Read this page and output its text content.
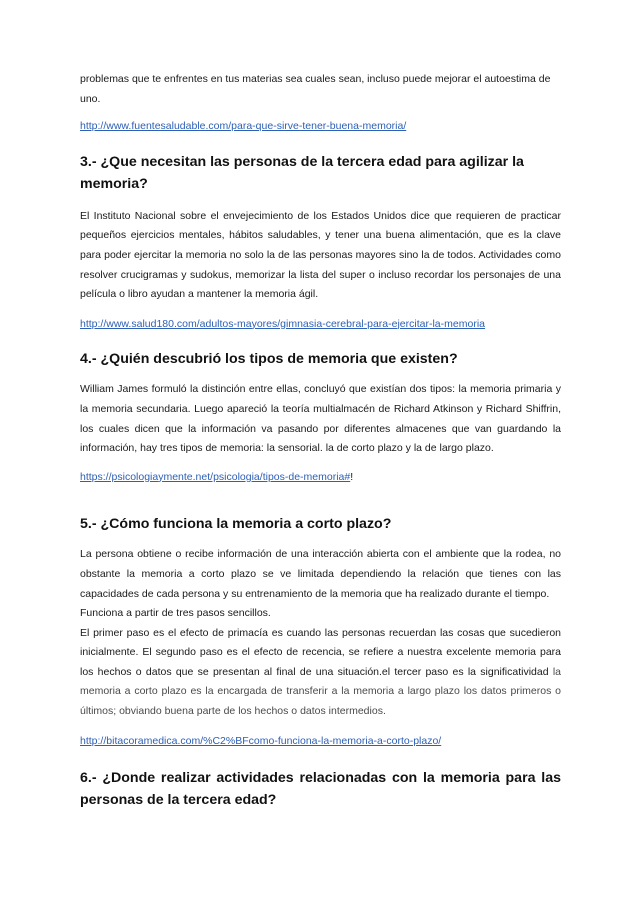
problemas que te enfrentes en tus materias sea cuales sean, incluso puede mejorar el autoestima de uno.

http://www.fuentesaludable.com/para-que-sirve-tener-buena-memoria/
3.- ¿Que necesitan las personas de la tercera edad para agilizar la memoria?

El Instituto Nacional sobre el envejecimiento de los Estados Unidos dice que requieren de practicar pequeños ejercicios mentales, hábitos saludables, y tener una buena alimentación, que es la clave para poder ejercitar la memoria no solo la de las personas mayores sino la de todos. Actividades como resolver crucigramas y sudokus, memorizar la lista del super o incluso recordar los personajes de una película o libro ayudan a mantener la memoria ágil.

http://www.salud180.com/adultos-mayores/gimnasia-cerebral-para-ejercitar-la-memoria
4.- ¿Quién descubrió los tipos de memoria que existen?

William James formuló la distinción entre ellas, concluyó que existían dos tipos: la memoria primaria y la memoria secundaria. Luego apareció la teoría multialmacén de Richard Atkinson y Richard Shiffrin, los cuales dicen que la información va pasando por diferentes almacenes que van guardando la información, hay tres tipos de memoria: la sensorial. la de corto plazo y la de largo plazo.

https://psicologiaymente.net/psicologia/tipos-de-memoria#!

5.- ¿Cómo funciona la memoria a corto plazo?

La persona obtiene o recibe información de una interacción abierta con el ambiente que la rodea, no obstante la memoria a corto plazo se ve limitada dependiendo la relación que tienes con las capacidades de cada persona y su entrenamiento de la memoria que ha realizado durante el tiempo.

Funciona a partir de tres pasos sencillos.

El primer paso es el efecto de primacía es cuando las personas recuerdan las cosas que sucedieron inicialmente. El segundo paso es el efecto de recencia, se refiere a nuestra excelente memoria para los hechos o datos que se presentan al final de una situación.el tercer paso es la significatividad la memoria a corto plazo es la encargada de transferir a la memoria a largo plazo los datos primeros o últimos; obviando buena parte de los hechos o datos intermedios.

http://bitacoramedica.com/%C2%BFcomo-funciona-la-memoria-a-corto-plazo/
6.- ¿Donde realizar actividades relacionadas con la memoria para las personas de la tercera edad?
